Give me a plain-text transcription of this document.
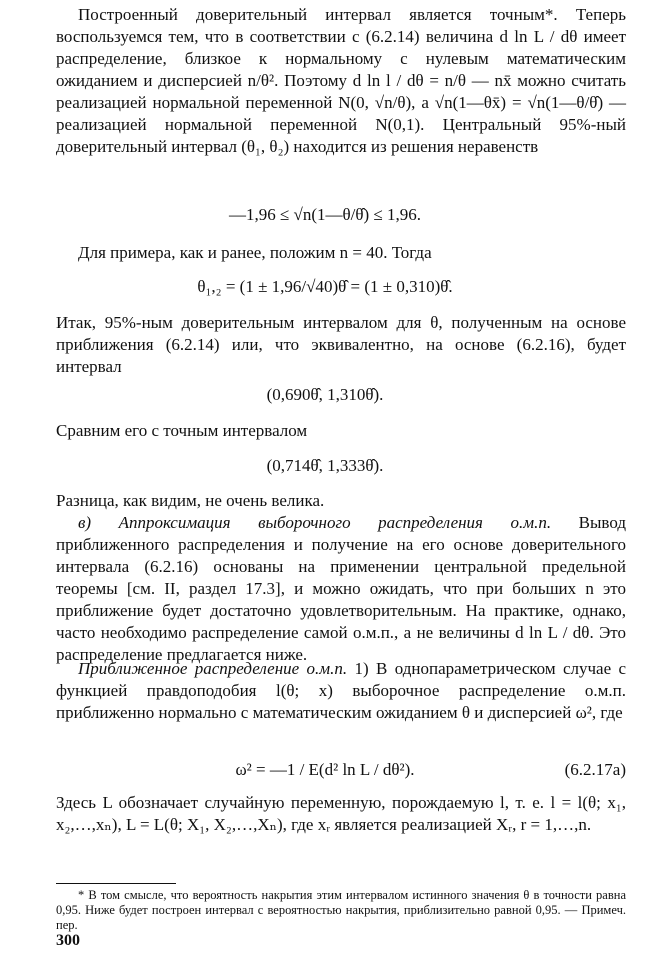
Построенный доверительный интервал является точным*. Теперь воспользуемся тем, что в соответствии с (6.2.14) величина d ln L / dθ имеет распределение, близкое к нормальному с нулевым математическим ожиданием и дисперсией n/θ². Поэтому d ln l / dθ = n/θ — nx̄ можно считать реализацией нормальной переменной N(0, √n/θ), а √n(1—θx̄) = √n(1—θ/θ̂) — реализацией нормальной переменной N(0,1). Центральный 95%-ный доверительный интервал (θ₁, θ₂) находится из решения неравенств

—1,96 ≤ √n(1—θ/θ̂) ≤ 1,96.

Для примера, как и ранее, положим n = 40. Тогда

θ₁,₂ = (1 ± 1,96/√40)θ̂ = (1 ± 0,310)θ̂.

Итак, 95%-ным доверительным интервалом для θ, полученным на основе приближения (6.2.14) или, что эквивалентно, на основе (6.2.16), будет интервал

(0,690θ̂, 1,310θ̂).

Сравним его с точным интервалом

(0,714θ̂, 1,333θ̂).

Разница, как видим, не очень велика.

в) Аппроксимация выборочного распределения о.м.п. Вывод приближенного распределения и получение на его основе доверительного интервала (6.2.16) основаны на применении центральной предельной теоремы [см. II, раздел 17.3], и можно ожидать, что при больших n это приближение будет достаточно удовлетворительным. На практике, однако, часто необходимо распределение самой о.м.п., а не величины d ln L / dθ. Это распределение предлагается ниже.

Приближенное распределение о.м.п. 1) В однопараметрическом случае с функцией правдоподобия l(θ; x) выборочное распределение о.м.п. приближенно нормально с математическим ожиданием θ и дисперсией ω², где

ω² = —1 / E(d² ln L / dθ²).	(6.2.17a)

Здесь L обозначает случайную переменную, порождаемую l, т. е. l = l(θ; x₁, x₂,…,xₙ), L = L(θ; X₁, X₂,…,Xₙ), где xᵣ является реализацией Xᵣ, r = 1,…,n.

* В том смысле, что вероятность накрытия этим интервалом истинного значения θ в точности равна 0,95. Ниже будет построен интервал с вероятностью накрытия, приблизительно равной 0,95. — Примеч. пер.

300
